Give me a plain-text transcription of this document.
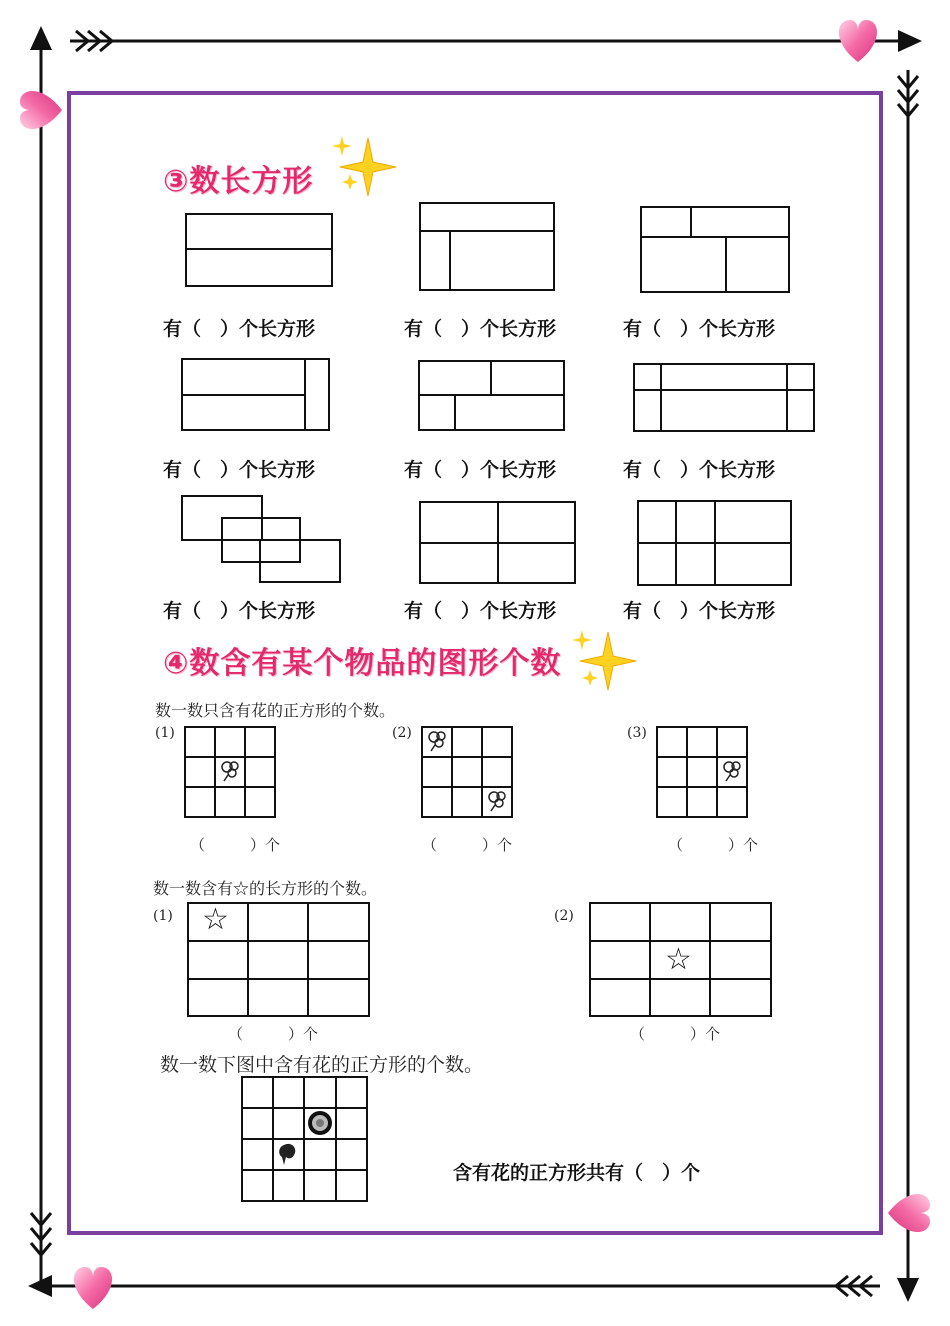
③数长方形
有（　）个长方形	有（　）个长方形	有（　）个长方形
有（　）个长方形	有（　）个长方形	有（　）个长方形
有（　）个长方形	有（　）个长方形	有（　）个长方形
④数含有某个物品的图形个数
数一数只含有花的正方形的个数。
(1)
（　　　）个
(2)
（　　　）个
(3)
（　　　）个
数一数含有☆的长方形的个数。
(1) ☆
（　　　）个
(2)
☆
（　　　）个
数一数下图中含有花的正方形的个数。
含有花的正方形共有（　）个
